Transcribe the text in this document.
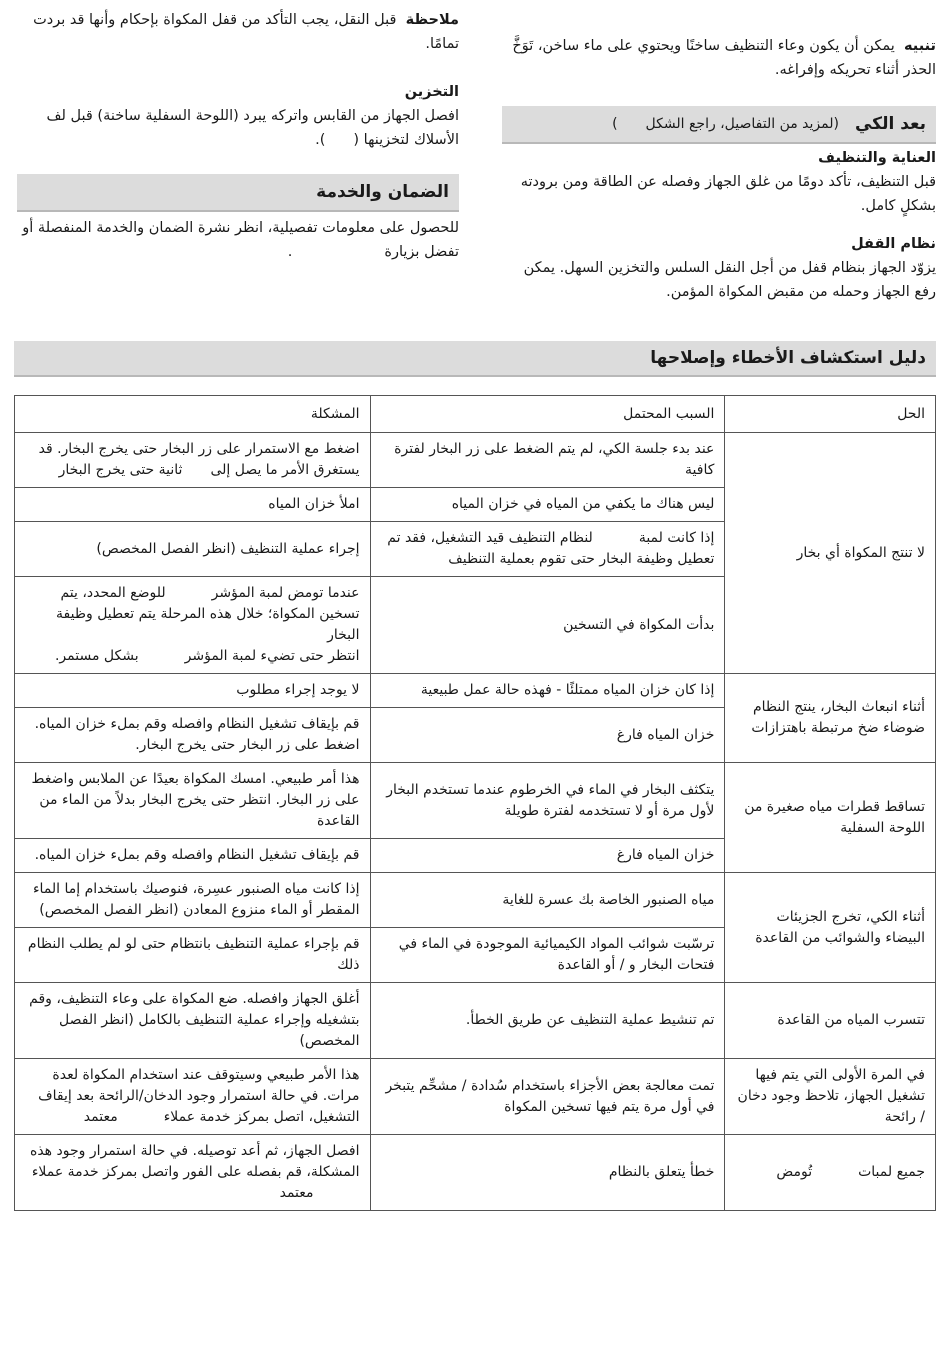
تنبيه  يمكن أن يكون وعاء التنظيف ساخنًا ويحتوي على ماء ساخن، تَوَخَّ الحذر أثناء تحريكه وإفراغه.

بعد الكي
(لمزيد من التفاصيل، راجع الشكل)
العناية والتنظيف

قبل التنظيف، تأكد دومًا من غلق الجهاز وفصله عن الطاقة ومن برودته بشكلٍ كامل.

نظام القفل

يزوّد الجهاز بنظام قفل من أجل النقل السلس والتخزين السهل. يمكن رفع الجهاز وحمله من مقبض المكواة المؤمن.

ملاحظة  قبل النقل، يجب التأكد من قفل المكواة بإحكام وأنها قد بردت تمامًا.

التخزين

افصل الجهاز من القابس واتركه يبرد (اللوحة السفلية ساخنة) قبل لف الأسلاك لتخزينها ().

الضمان والخدمة

للحصول على معلومات تفصيلية، انظر نشرة الضمان والخدمة المنفصلة أو تفضل بزيارة.

دليل استكشاف الأخطاء وإصلاحها
الحل	السبب المحتمل	المشكلة
لا تنتج المكواة أي بخار	عند بدء جلسة الكي، لم يتم الضغط على زر البخار لفترة كافية	اضغط مع الاستمرار على زر البخار حتى يخرج البخار. قد
يستغرق الأمر ما يصل إلىثانية حتى يخرج البخار
	ليس هناك ما يكفي من المياه في خزان المياه	املأ خزان المياه
	إذا كانت لمبةلنظام التنظيف قيد التشغيل، فقد تم تعطيل وظيفة البخار حتى تقوم بعملية التنظيف	إجراء عملية التنظيف (انظر الفصل المخصص)
	بدأت المكواة في التسخين	عندما تومض لمبة المؤشرللوضع المحدد، يتم تسخين المكواة؛ خلال هذه المرحلة يتم تعطيل وظيفة البخار
انتظر حتى تضيء لمبة المؤشربشكل مستمر.
أثناء انبعاث البخار، ينتج النظام ضوضاء ضخ مرتبطة باهتزازات	إذا كان خزان المياه ممتلئًا - فهذه حالة عمل طبيعية	لا يوجد إجراء مطلوب
	خزان المياه فارغ	قم بإيقاف تشغيل النظام وافصله وقم بملء خزان المياه. اضغط على زر البخار حتى يخرج البخار.
تساقط قطرات مياه صغيرة من اللوحة السفلية	يتكثف البخار في الماء في الخرطوم عندما تستخدم البخار لأول مرة أو لا تستخدمه لفترة طويلة	هذا أمر طبيعي. امسك المكواة بعيدًا عن الملابس واضغط على زر البخار. انتظر حتى يخرج البخار بدلاً من الماء من القاعدة
	خزان المياه فارغ	قم بإيقاف تشغيل النظام وافصله وقم بملء خزان المياه.
أثناء الكي، تخرج الجزيئات البيضاء والشوائب من القاعدة	مياه الصنبور الخاصة بك عسرة للغاية	إذا كانت مياه الصنبور عسِرة، فنوصيك باستخدام إما الماء المقطر أو الماء منزوع المعادن (انظر الفصل المخصص)
	ترسّبت شوائب المواد الكيميائية الموجودة في الماء في فتحات البخار و / أو القاعدة	قم بإجراء عملية التنظيف بانتظام حتى لو لم يطلب النظام ذلك
تتسرب المياه من القاعدة	تم تنشيط عملية التنظيف عن طريق الخطأ.	أغلق الجهاز وافصله. ضع المكواة على وعاء التنظيف، وقم بتشغيله وإجراء عملية التنظيف بالكامل (انظر الفصل المخصص)
في المرة الأولى التي يتم فيها تشغيل الجهاز، تلاحظ وجود دخان / رائحة	تمت معالجة بعض الأجزاء باستخدام سُدادة / مشحِّم يتبخر في أول مرة يتم فيها تسخين المكواة	هذا الأمر طبيعي وسيتوقف عند استخدام المكواة لعدة مرات. في حالة استمرار وجود الدخان/الرائحة بعد إيقاف التشغيل، اتصل بمركز خدمة عملاءمعتمد
جميع لمباتتُومض	خطأ يتعلق بالنظام	افصل الجهاز، ثم أعد توصيله. في حالة استمرار وجود هذه المشكلة، قم بفصله على الفور واتصل بمركز خدمة عملاءمعتمد
